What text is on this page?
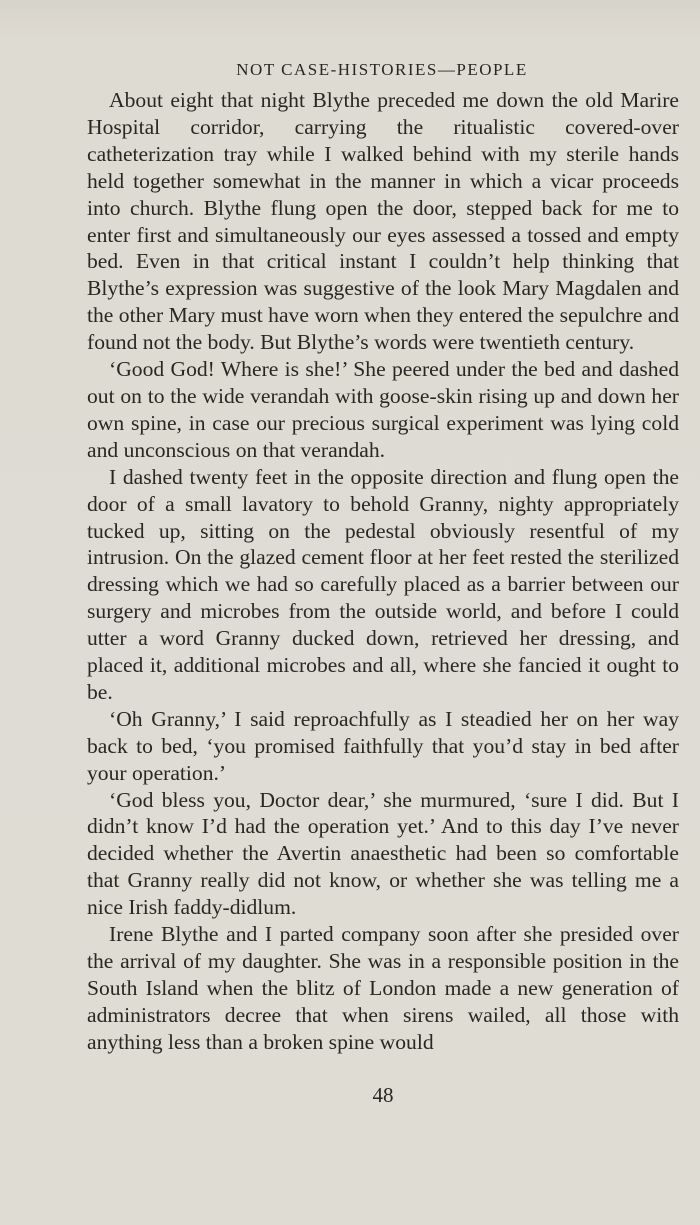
NOT CASE-HISTORIES—PEOPLE

About eight that night Blythe preceded me down the old Marire Hospital corridor, carrying the ritualistic covered-over catheterization tray while I walked behind with my sterile hands held together somewhat in the manner in which a vicar proceeds into church. Blythe flung open the door, stepped back for me to enter first and simultaneously our eyes assessed a tossed and empty bed. Even in that critical instant I couldn’t help thinking that Blythe’s expression was suggestive of the look Mary Magdalen and the other Mary must have worn when they entered the sepulchre and found not the body. But Blythe’s words were twentieth century.

‘Good God! Where is she!’ She peered under the bed and dashed out on to the wide verandah with goose-skin rising up and down her own spine, in case our precious surgical experiment was lying cold and unconscious on that verandah.

I dashed twenty feet in the opposite direction and flung open the door of a small lavatory to behold Granny, nighty appropriately tucked up, sitting on the pedestal obviously resentful of my intrusion. On the glazed cement floor at her feet rested the sterilized dressing which we had so carefully placed as a barrier between our surgery and microbes from the outside world, and before I could utter a word Granny ducked down, retrieved her dressing, and placed it, additional microbes and all, where she fancied it ought to be.

‘Oh Granny,’ I said reproachfully as I steadied her on her way back to bed, ‘you promised faithfully that you’d stay in bed after your operation.’

‘God bless you, Doctor dear,’ she murmured, ‘sure I did. But I didn’t know I’d had the operation yet.’ And to this day I’ve never decided whether the Avertin anaesthetic had been so comfortable that Granny really did not know, or whether she was telling me a nice Irish faddy-didlum.

Irene Blythe and I parted company soon after she presided over the arrival of my daughter. She was in a responsible position in the South Island when the blitz of London made a new generation of administrators decree that when sirens wailed, all those with anything less than a broken spine would

48
